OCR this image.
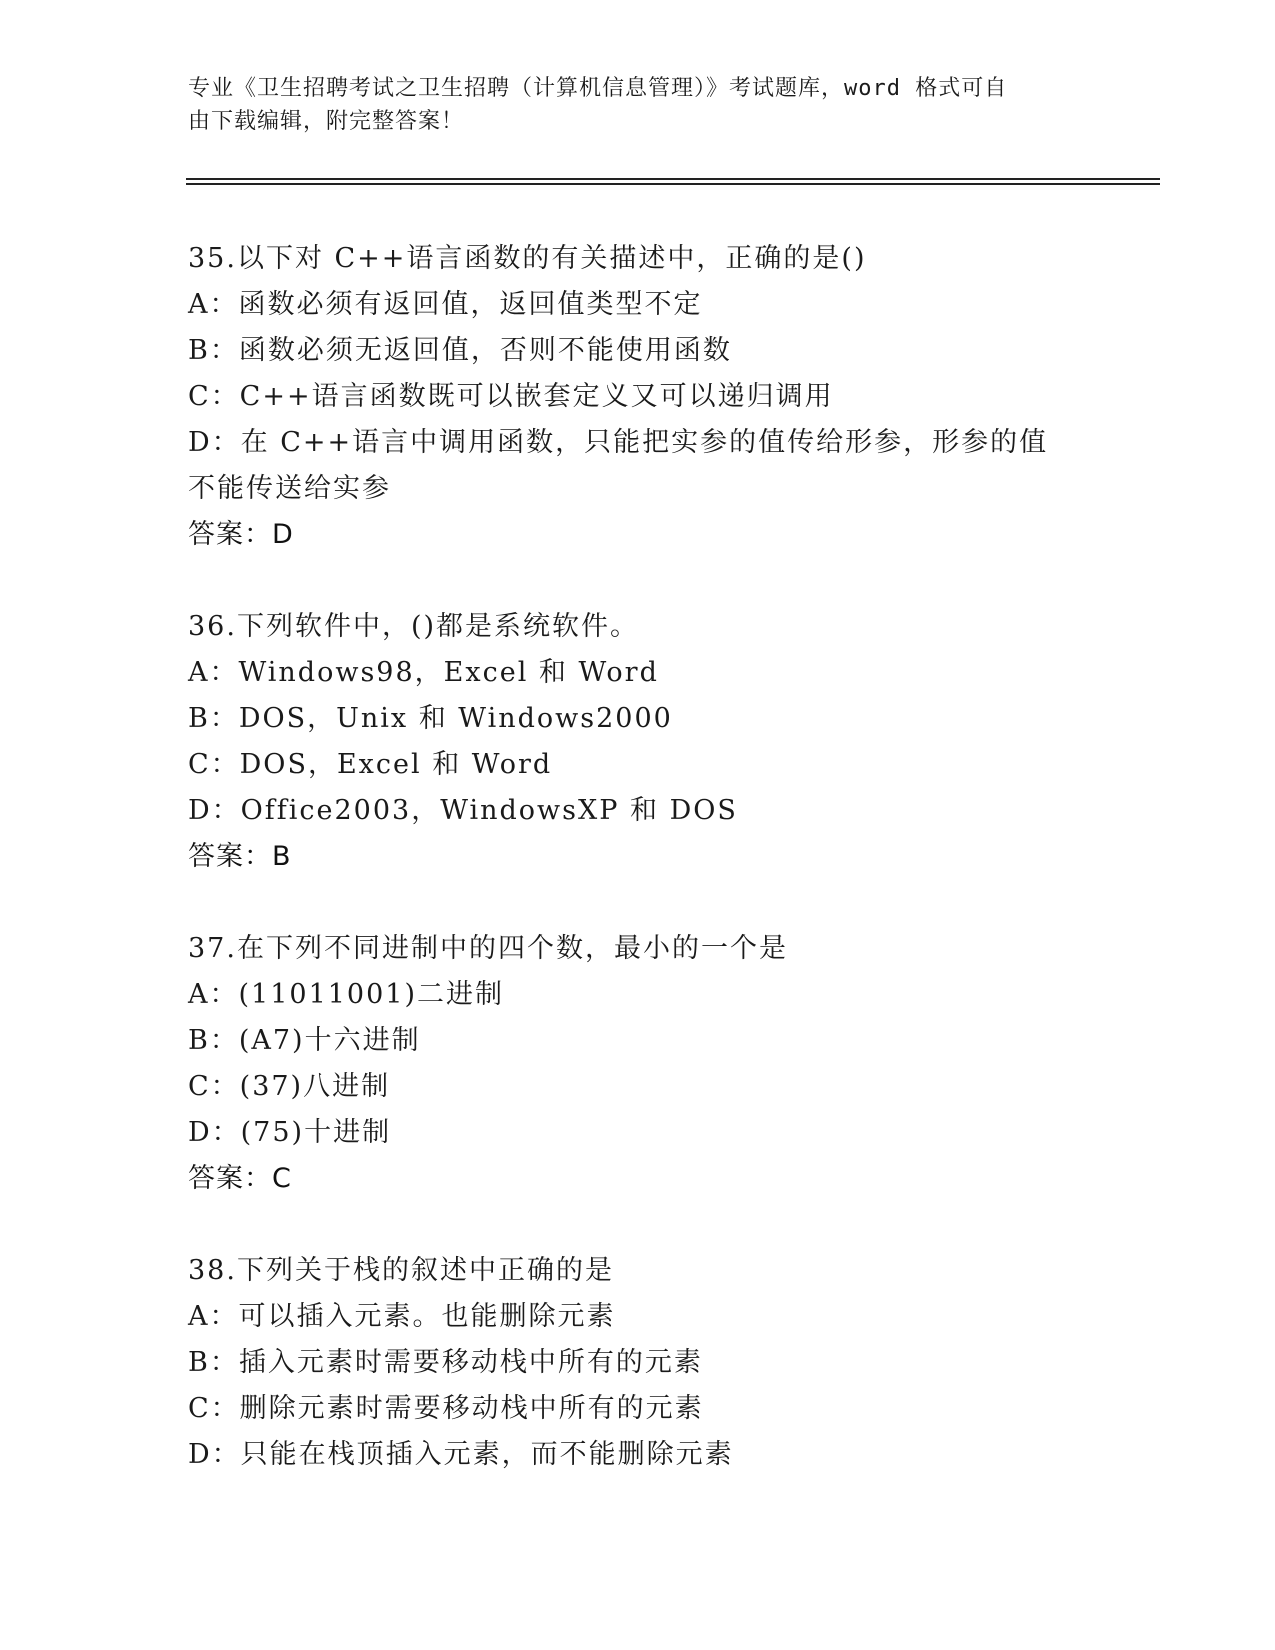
专业《卫生招聘考试之卫生招聘（计算机信息管理）》考试题库，word 格式可自
由下载编辑，附完整答案！
35.以下对 C++语言函数的有关描述中，正确的是()
A：函数必须有返回值，返回值类型不定
B：函数必须无返回值，否则不能使用函数
C：C++语言函数既可以嵌套定义又可以递归调用
D：在 C++语言中调用函数，只能把实参的值传给形参，形参的值不能传送给实参
答案：D
36.下列软件中，()都是系统软件。
A：Windows98，Excel 和 Word
B：DOS，Unix 和 Windows2000
C：DOS，Excel 和 Word
D：Office2003，WindowsXP 和 DOS
答案：B
37.在下列不同进制中的四个数，最小的一个是
A：(11011001)二进制
B：(A7)十六进制
C：(37)八进制
D：(75)十进制
答案：C
38.下列关于栈的叙述中正确的是
A：可以插入元素。也能删除元素
B：插入元素时需要移动栈中所有的元素
C：删除元素时需要移动栈中所有的元素
D：只能在栈顶插入元素，而不能删除元素
